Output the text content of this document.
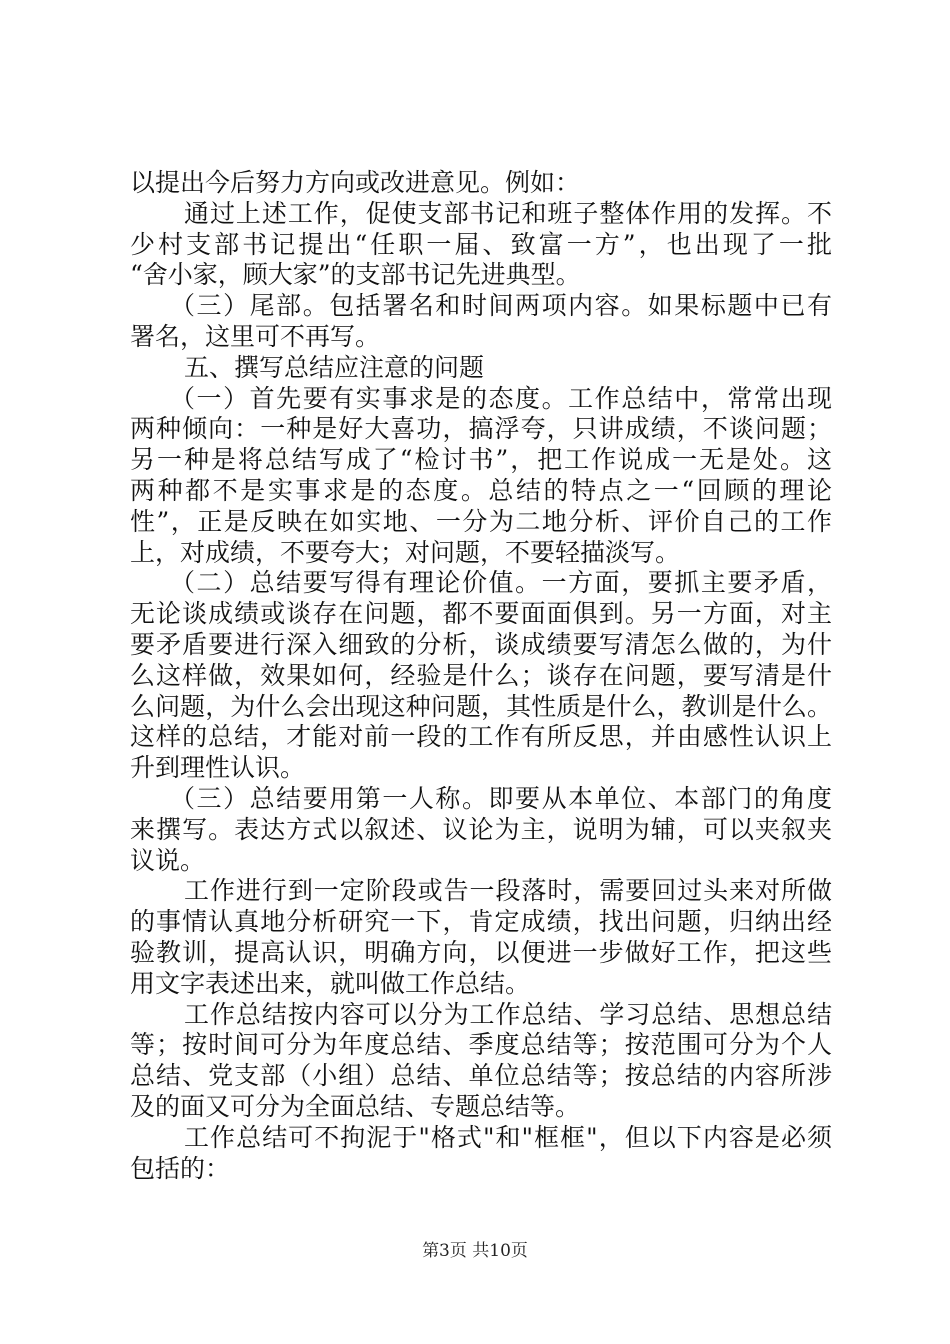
以提出今后努力方向或改进意见。例如：
通过上述工作，促使支部书记和班子整体作用的发挥。不
少村支部书记提出“任职一届、致富一方”，也出现了一批
“舍小家，顾大家”的支部书记先进典型。
（三）尾部。包括署名和时间两项内容。如果标题中已有
署名，这里可不再写。
五、撰写总结应注意的问题
（一）首先要有实事求是的态度。工作总结中，常常出现
两种倾向：一种是好大喜功，搞浮夸，只讲成绩，不谈问题；
另一种是将总结写成了“检讨书”，把工作说成一无是处。这
两种都不是实事求是的态度。总结的特点之一“回顾的理论
性”，正是反映在如实地、一分为二地分析、评价自己的工作
上，对成绩，不要夸大；对问题，不要轻描淡写。
（二）总结要写得有理论价值。一方面，要抓主要矛盾，
无论谈成绩或谈存在问题，都不要面面俱到。另一方面，对主
要矛盾要进行深入细致的分析，谈成绩要写清怎么做的，为什
么这样做，效果如何，经验是什么；谈存在问题，要写清是什
么问题，为什么会出现这种问题，其性质是什么，教训是什么。
这样的总结，才能对前一段的工作有所反思，并由感性认识上
升到理性认识。
（三）总结要用第一人称。即要从本单位、本部门的角度
来撰写。表达方式以叙述、议论为主，说明为辅，可以夹叙夹
议说。
工作进行到一定阶段或告一段落时，需要回过头来对所做
的事情认真地分析研究一下，肯定成绩，找出问题，归纳出经
验教训，提高认识，明确方向，以便进一步做好工作，把这些
用文字表述出来，就叫做工作总结。
工作总结按内容可以分为工作总结、学习总结、思想总结
等；按时间可分为年度总结、季度总结等；按范围可分为个人
总结、党支部（小组）总结、单位总结等；按总结的内容所涉
及的面又可分为全面总结、专题总结等。
工作总结可不拘泥于"格式"和"框框"，但以下内容是必须
包括的：
第3页 共10页
